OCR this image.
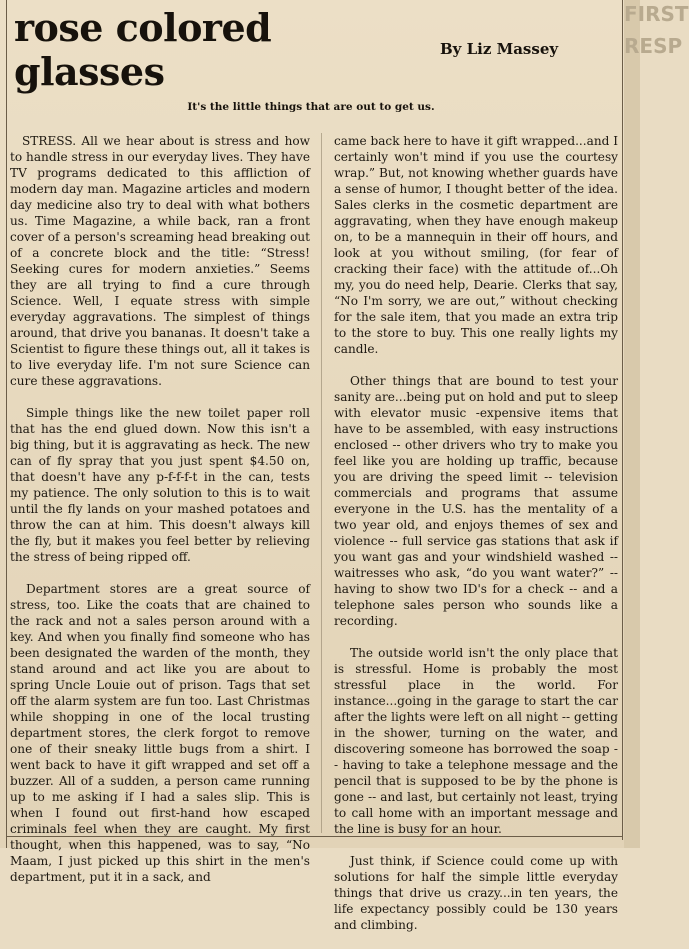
FIRST
RESP
rose colored glasses	By Liz Massey
It's the little things that are out to get us.

STRESS. All we hear about is stress and how to handle stress in our everyday lives. They have TV programs dedicated to this affliction of modern day man. Magazine articles and modern day medicine also try to deal with what bothers us. Time Magazine, a while back, ran a front cover of a person's screaming head breaking out of a concrete block and the title: “Stress! Seeking cures for modern anxieties.” Seems they are all trying to find a cure through Science. Well, I equate stress with simple everyday aggravations. The simplest of things around, that drive you bananas. It doesn't take a Scientist to figure these things out, all it takes is to live everyday life. I'm not sure Science can cure these aggravations.

Simple things like the new toilet paper roll that has the end glued down. Now this isn't a big thing, but it is aggravating as heck. The new can of fly spray that you just spent $4.50 on, that doesn't have any p-f-f-f-t in the can, tests my patience. The only solution to this is to wait until the fly lands on your mashed potatoes and throw the can at him. This doesn't always kill the fly, but it makes you feel better by relieving the stress of being ripped off.

Department stores are a great source of stress, too. Like the coats that are chained to the rack and not a sales person around with a key. And when you finally find someone who has been designated the warden of the month, they stand around and act like you are about to spring Uncle Louie out of prison. Tags that set off the alarm system are fun too. Last Christmas while shopping in one of the local trusting department stores, the clerk forgot to remove one of their sneaky little bugs from a shirt. I went back to have it gift wrapped and set off a buzzer. All of a sudden, a person came running up to me asking if I had a sales slip. This is when I found out first-hand how escaped criminals feel when they are caught. My first thought, when this happened, was to say, “No Maam, I just picked up this shirt in the men's department, put it in a sack, and

came back here to have it gift wrapped...and I certainly won't mind if you use the courtesy wrap.” But, not knowing whether guards have a sense of humor, I thought better of the idea. Sales clerks in the cosmetic department are aggravating, when they have enough makeup on, to be a mannequin in their off hours, and look at you without smiling, (for fear of cracking their face) with the attitude of...Oh my, you do need help, Dearie. Clerks that say, “No I'm sorry, we are out,” without checking for the sale item, that you made an extra trip to the store to buy. This one really lights my candle.

Other things that are bound to test your sanity are...being put on hold and put to sleep with elevator music -expensive items that have to be assembled, with easy instructions enclosed -- other drivers who try to make you feel like you are holding up traffic, because you are driving the speed limit -- television commercials and programs that assume everyone in the U.S. has the mentality of a two year old, and enjoys themes of sex and violence -- full service gas stations that ask if you want gas and your windshield washed --waitresses who ask, “do you want water?” --having to show two ID's for a check -- and a telephone sales person who sounds like a recording.

The outside world isn't the only place that is stressful. Home is probably the most stressful place in the world. For instance...going in the garage to start the car after the lights were left on all night -- getting in the shower, turning on the water, and discovering someone has borrowed the soap -- having to take a telephone message and the pencil that is supposed to be by the phone is gone -- and last, but certainly not least, trying to call home with an important message and the line is busy for an hour.

Just think, if Science could come up with solutions for half the simple little everyday things that drive us crazy...in ten years, the life expectancy possibly could be 130 years and climbing.
